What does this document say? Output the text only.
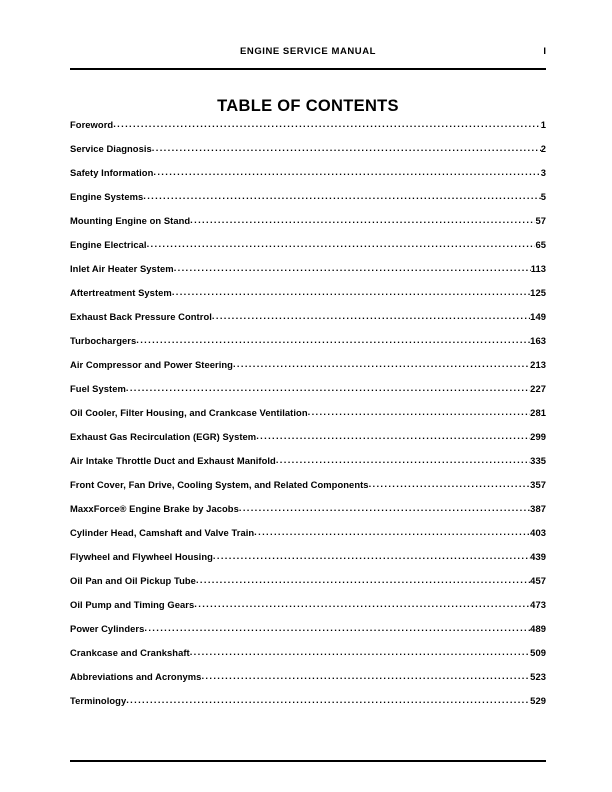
ENGINE SERVICE MANUAL	I
TABLE OF CONTENTS
Foreword .....	1
Service Diagnosis .....	2
Safety Information .....	3
Engine Systems .....	5
Mounting Engine on Stand .....	57
Engine Electrical .....	65
Inlet Air Heater System .....	113
Aftertreatment System .....	125
Exhaust Back Pressure Control .....	149
Turbochargers .....	163
Air Compressor and Power Steering .....	213
Fuel System .....	227
Oil Cooler, Filter Housing, and Crankcase Ventilation .....	281
Exhaust Gas Recirculation (EGR) System .....	299
Air Intake Throttle Duct and Exhaust Manifold .....	335
Front Cover, Fan Drive, Cooling System, and Related Components .....	357
MaxxForce® Engine Brake by Jacobs .....	387
Cylinder Head, Camshaft and Valve Train .....	403
Flywheel and Flywheel Housing .....	439
Oil Pan and Oil Pickup Tube .....	457
Oil Pump and Timing Gears .....	473
Power Cylinders .....	489
Crankcase and Crankshaft .....	509
Abbreviations and Acronyms .....	523
Terminology .....	529
